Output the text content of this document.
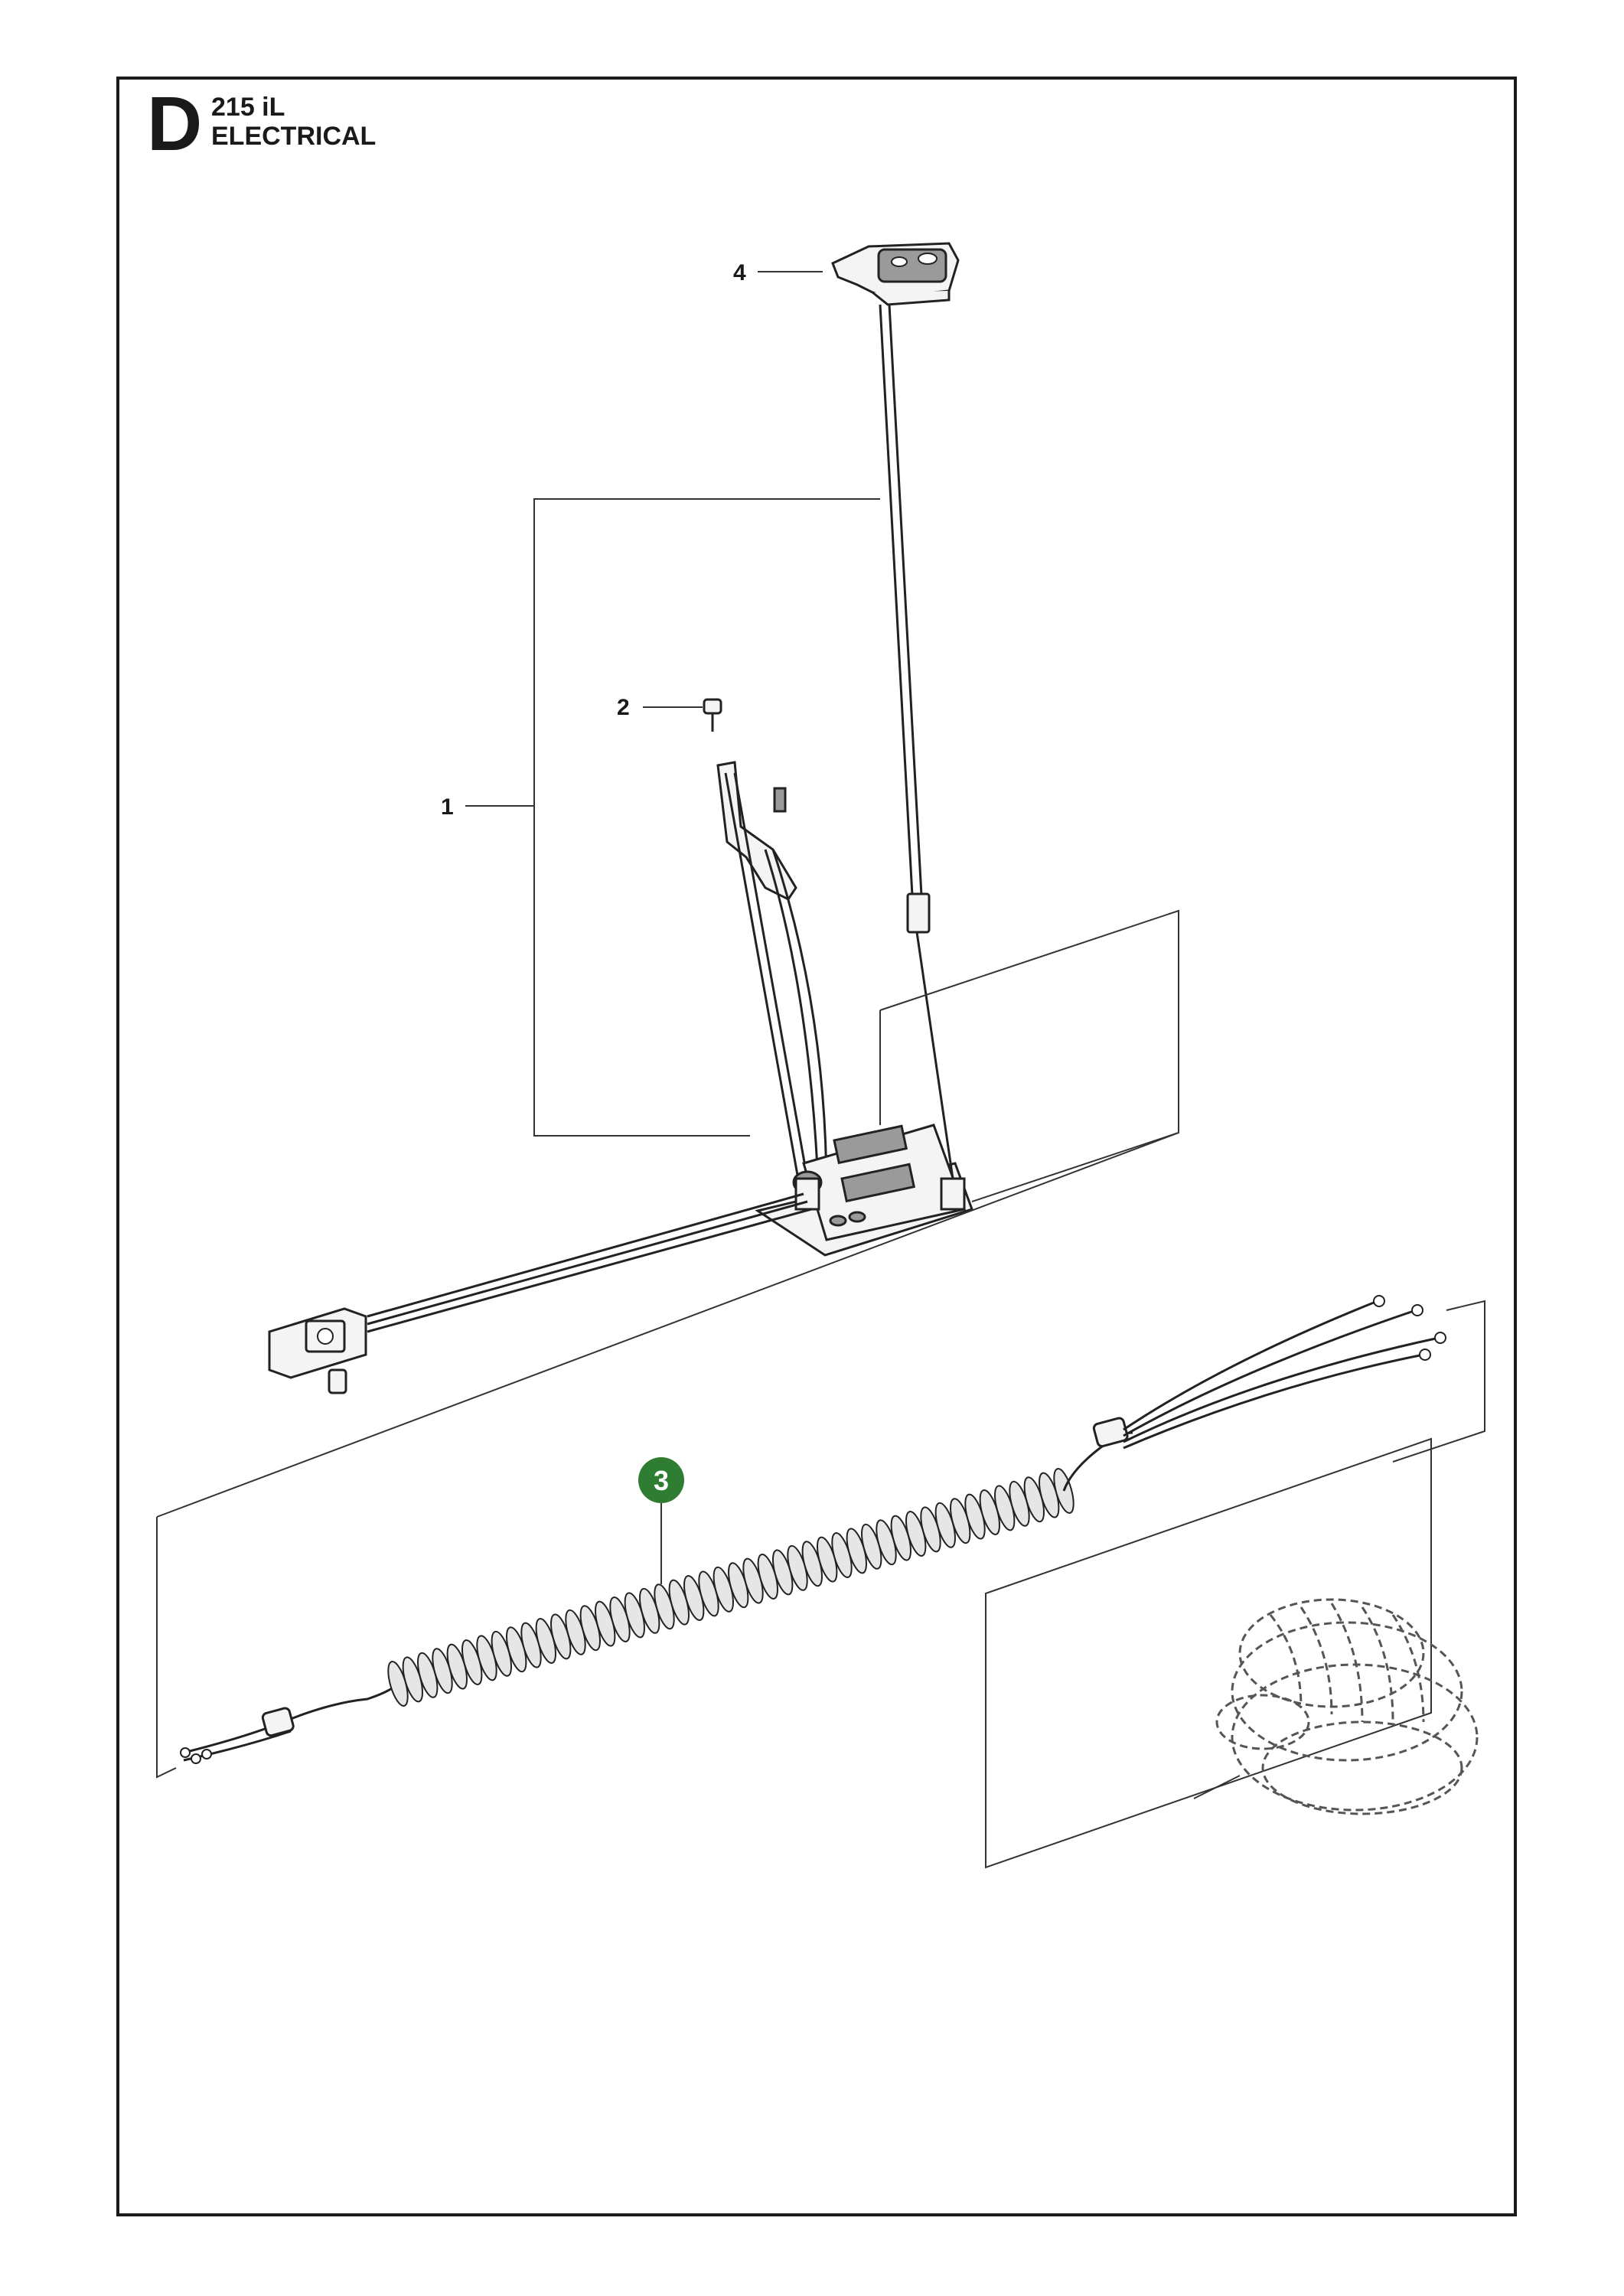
D 215 iL
ELECTRICAL
4
1
2
3
